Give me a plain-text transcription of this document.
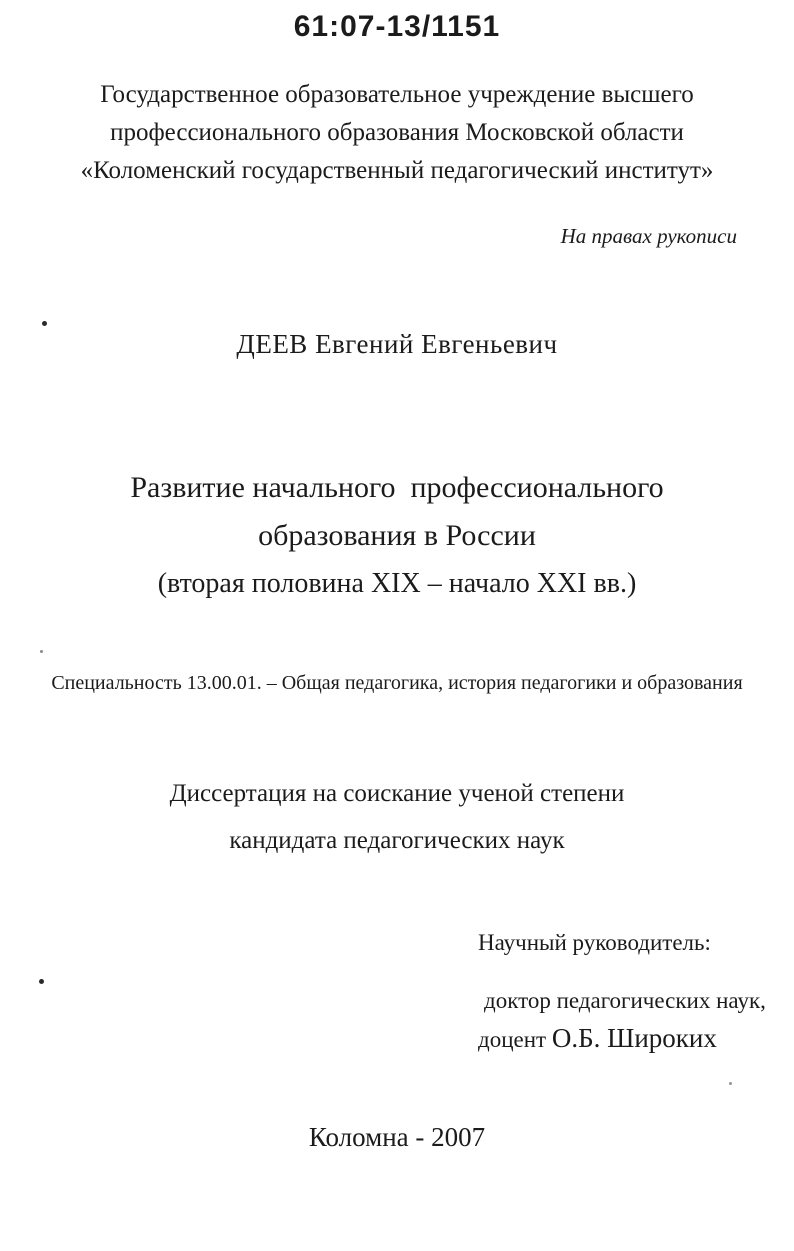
61:07-13/1151
Государственное образовательное учреждение высшего
профессионального образования Московской области
«Коломенский государственный педагогический институт»
На правах рукописи
ДЕЕВ Евгений Евгеньевич
Развитие начального  профессионального
образования в России
(вторая половина XIX – начало XXI вв.)
Специальность 13.00.01. – Общая педагогика, история педагогики и образования
Диссертация на соискание ученой степени
кандидата педагогических наук
Научный руководитель:
доктор педагогических наук,
доцент О.Б. Широких
Коломна - 2007
